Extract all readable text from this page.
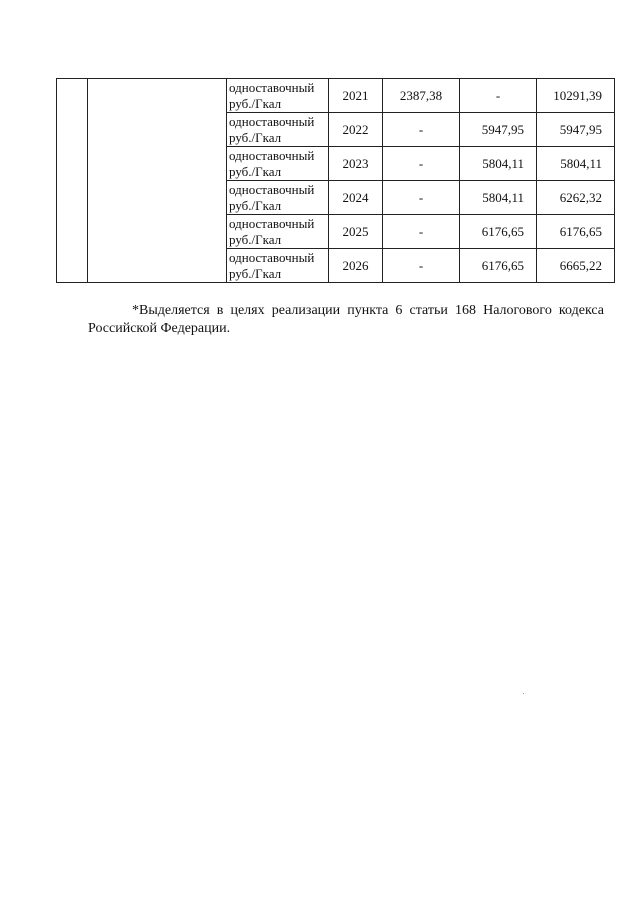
		одноставочный
руб./Гкал	2021	2387,38	-	10291,39

		одноставочный
руб./Гкал	2022	-	5947,95	5947,95

		одноставочный
руб./Гкал	2023	-	5804,11	5804,11

		одноставочный
руб./Гкал	2024	-	5804,11	6262,32

		одноставочный
руб./Гкал	2025	-	6176,65	6176,65

		одноставочный
руб./Гкал	2026	-	6176,65	6665,22

*Выделяется в целях реализации пункта 6 статьи 168 Налогового кодекса Российской Федерации.
